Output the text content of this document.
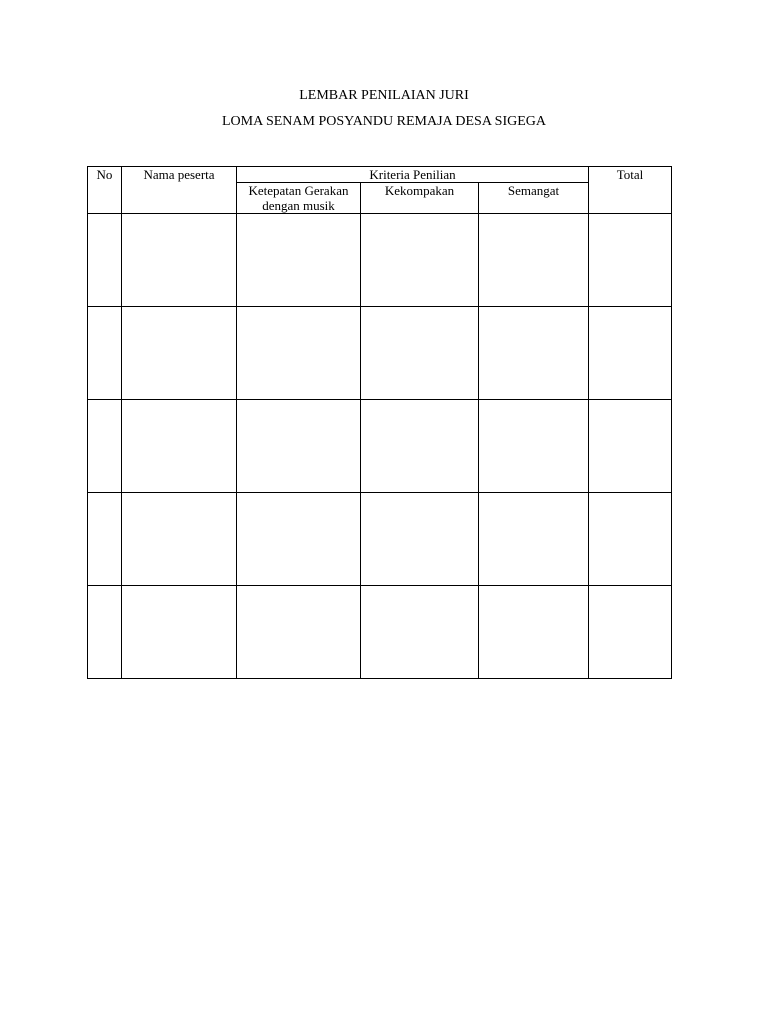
LEMBAR PENILAIAN JURI
LOMA SENAM POSYANDU REMAJA DESA SIGEGA
No	Nama peserta	Kriteria Penilian			Total
		Ketepatan Gerakan dengan musik	Kekompakan	Semangat	
